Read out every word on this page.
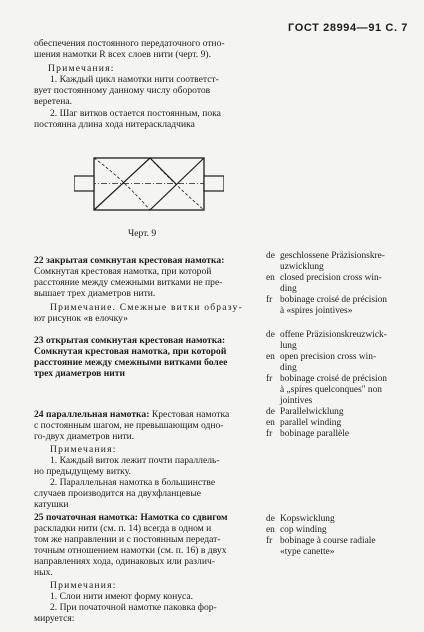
ГОСТ 28994—91 С. 7
обеспечения постоянного передаточного отно-
шения намотки R всех слоев нити (черт. 9).
Примечания:
1. Каждый цикл намотки нити соответст-
вует постоянному данному числу оборотов
веретена.
2. Шаг витков остается постоянным, пока
постоянна длина хода нитераскладчика
Черт. 9
22 закрытая сомкнутая крестовая намотка:
Сомкнутая крестовая намотка, при которой
расстояние между смежными витками не пре-
вышает трех диаметров нити.
Примечание. Смежные витки образу-
ют рисунок «в елочку»
de geschlossene Präzisionskre-
uzwicklung
en closed precision cross win-
ding
fr bobinage croisé de précision
à «spires jointives»
23 открытая сомкнутая крестовая намотка:
Сомкнутая крестовая намотка, при которой
расстояние между смежными витками более
трех диаметров нити
de offene Präzisionskreuzwick-
lung
en open precision cross win-
ding
fr bobinage croisé de précision
à „spires quelconques" non
jointives
24 параллельная намотка: Крестовая намотка
с постоянным шагом, не превышающим одно-
го-двух диаметров нити.
Примечания:
1. Каждый виток лежит почти параллель-
но предыдущему витку.
2. Параллельная намотка в большинстве
случаев производится на двухфланцевые
катушки
de Parallelwicklung
en parallel winding
fr bobinage parallèle
25 початочная намотка: Намотка со сдвигом
раскладки нити (см. п. 14) всегда в одном и
том же направлении и с постоянным передат-
точным отношением намотки (см. п. 16) в двух
направлениях хода, одинаковых или различ-
ных.
Примечания:
1. Слои нити имеют форму конуса.
2. При початочной намотке паковка фор-
мируется:
de Kopswicklung
en cop winding
fr bobinage à course radiale
«type canette»
